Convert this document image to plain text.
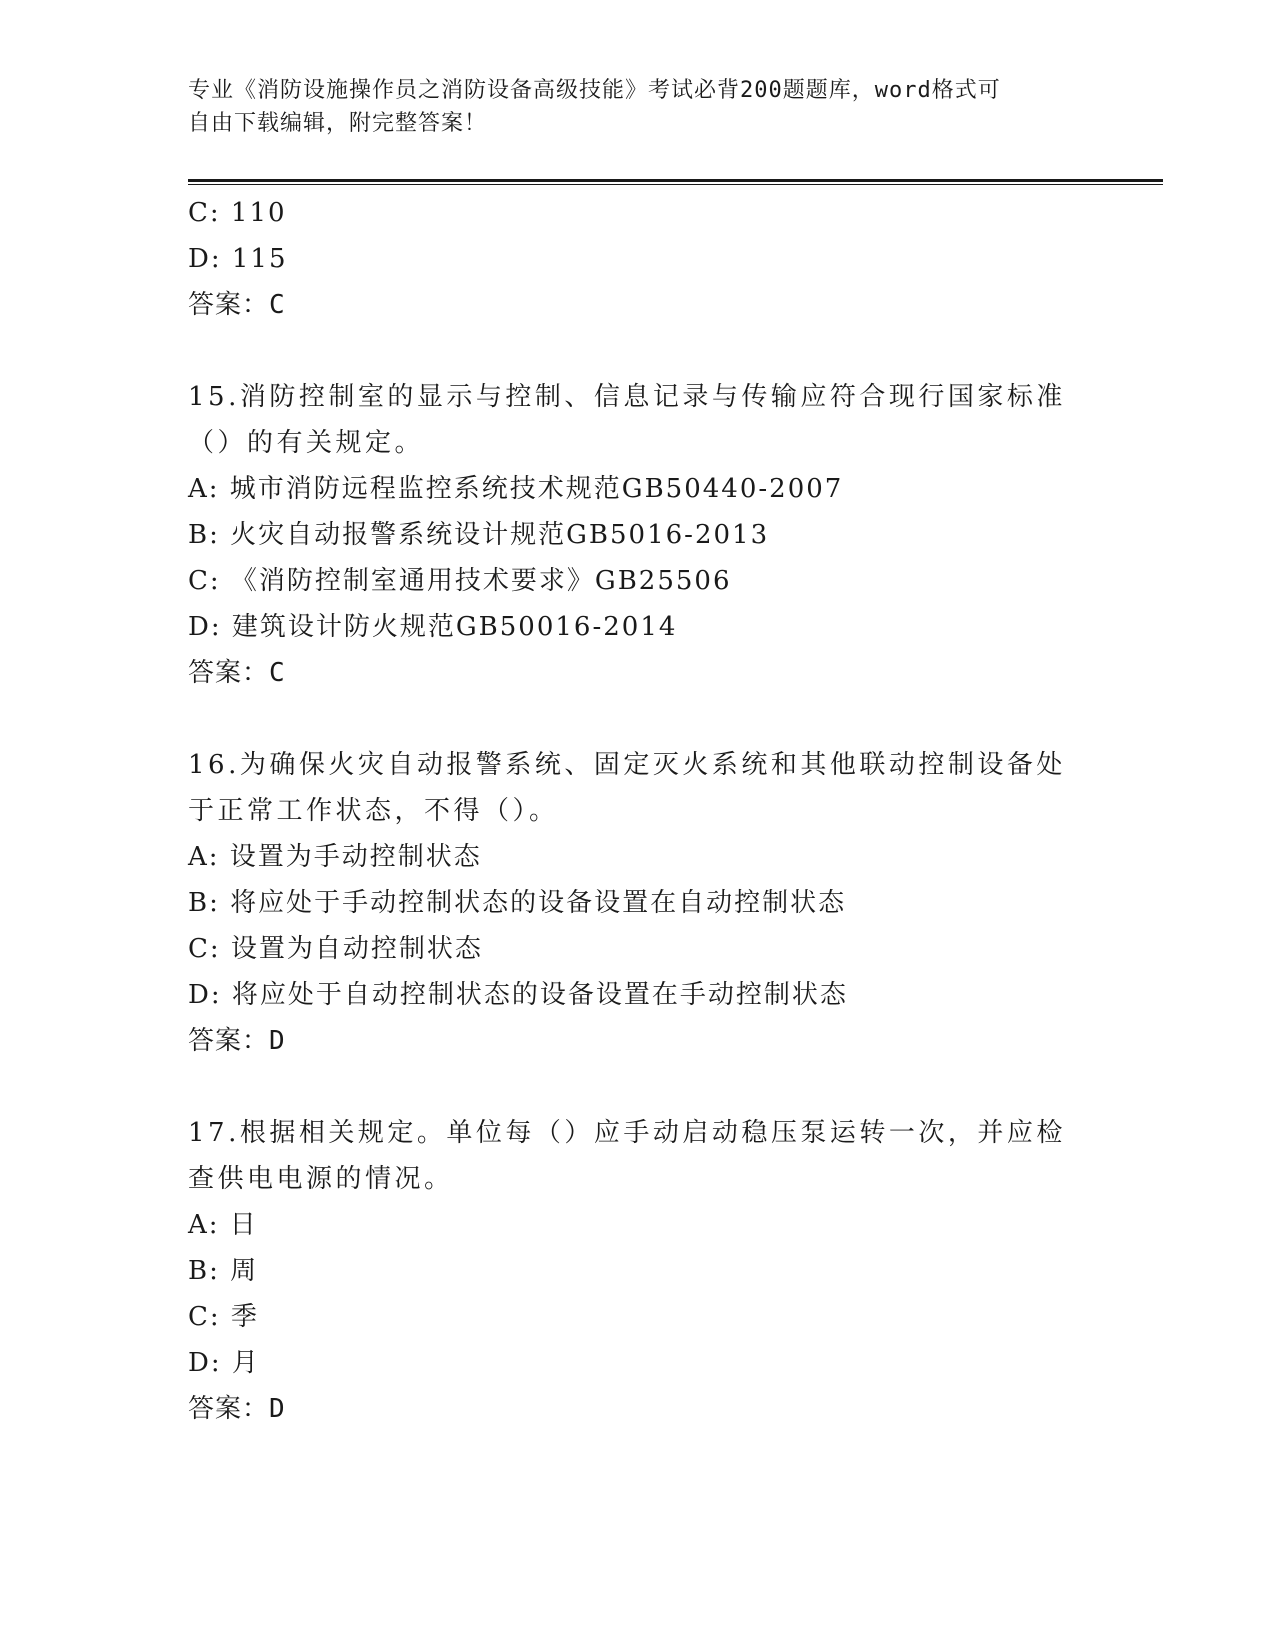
专业《消防设施操作员之消防设备高级技能》考试必背200题题库，word格式可
自由下载编辑，附完整答案！
C: 110
D: 115
答案：C
15.消防控制室的显示与控制、信息记录与传输应符合现行国家标准（）的有关规定。
A: 城市消防远程监控系统技术规范GB50440-2007
B: 火灾自动报警系统设计规范GB5016-2013
C: 《消防控制室通用技术要求》GB25506
D: 建筑设计防火规范GB50016-2014
答案：C
16.为确保火灾自动报警系统、固定灭火系统和其他联动控制设备处于正常工作状态，不得（）。
A: 设置为手动控制状态
B: 将应处于手动控制状态的设备设置在自动控制状态
C: 设置为自动控制状态
D: 将应处于自动控制状态的设备设置在手动控制状态
答案：D
17.根据相关规定。单位每（）应手动启动稳压泵运转一次，并应检查供电电源的情况。
A: 日
B: 周
C: 季
D: 月
答案：D
